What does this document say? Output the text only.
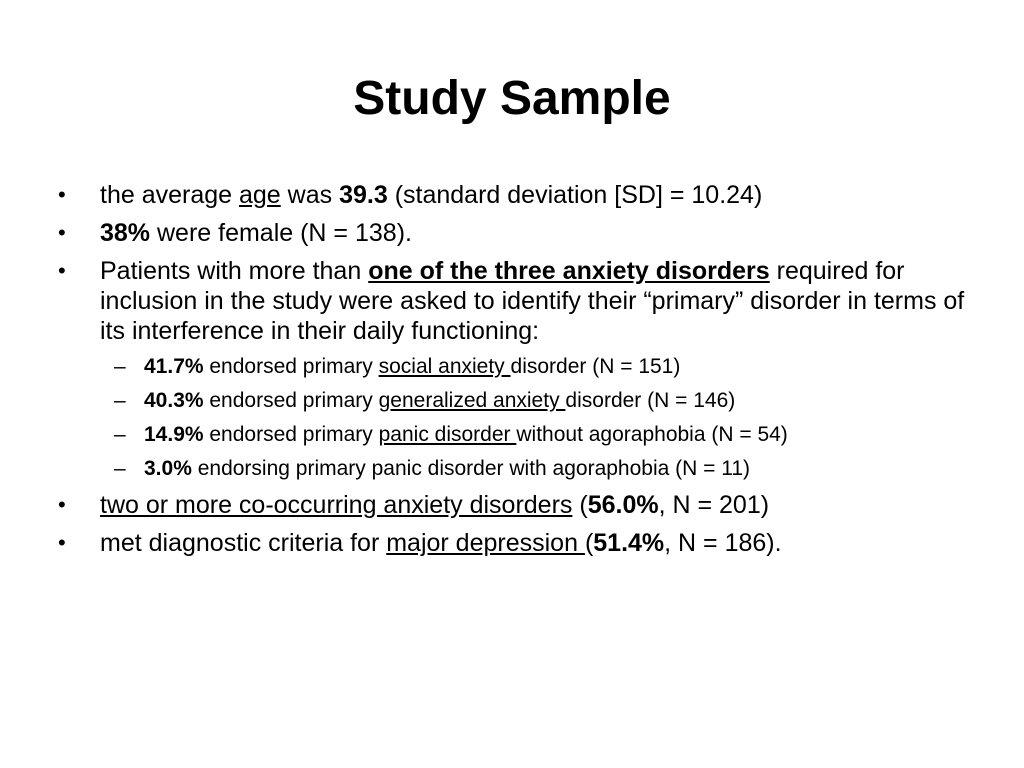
Study Sample
•	the average age was 39.3 (standard deviation [SD] = 10.24)
•	38% were female (N = 138).
•	Patients with more than one of the three anxiety disorders required for inclusion in the study were asked to identify their “primary” disorder in terms of its interference in their daily functioning:
– 41.7% endorsed primary social anxiety disorder (N = 151)
– 40.3% endorsed primary generalized anxiety disorder (N = 146)
– 14.9% endorsed primary panic disorder without agoraphobia (N = 54)
– 3.0% endorsing primary panic disorder with agoraphobia (N = 11)
•	two or more co-occurring anxiety disorders (56.0%, N = 201)
•	met diagnostic criteria for major depression (51.4%, N = 186).
